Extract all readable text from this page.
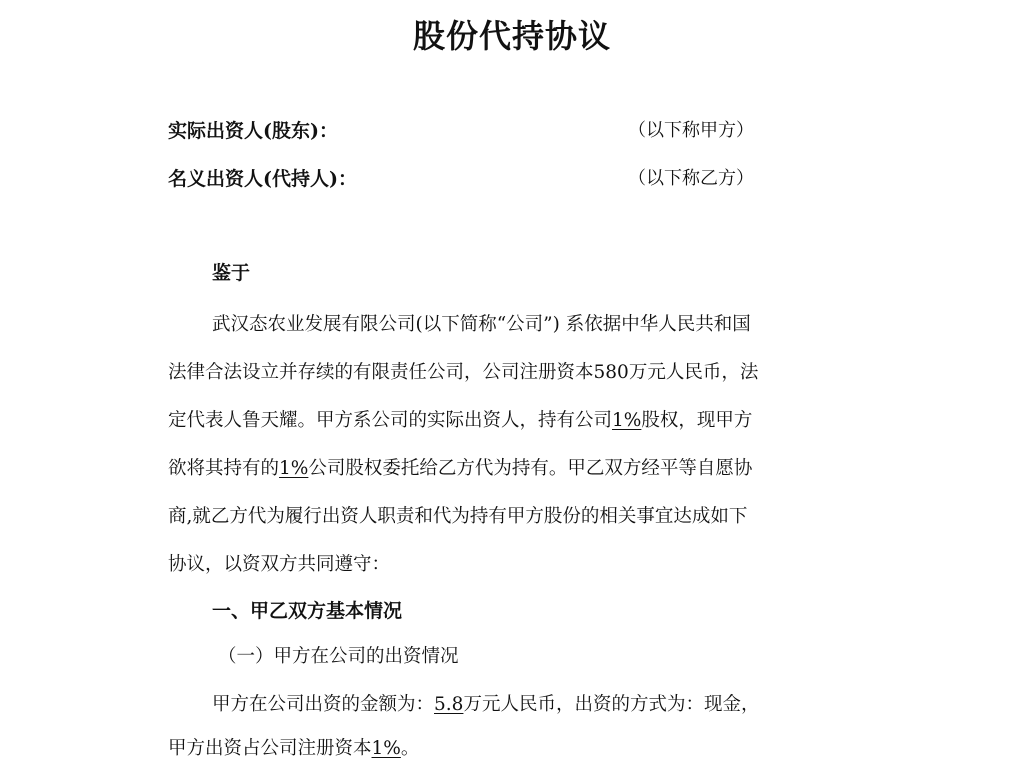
股份代持协议
实际出资人(股东)：	（以下称甲方）
名义出资人(代持人)：	（以下称乙方）
鉴于
武汉态农业发展有限公司(以下简称“公司”) 系依据中华人民共和国
法律合法设立并存续的有限责任公司，公司注册资本580万元人民币，法
定代表人鲁天耀。甲方系公司的实际出资人，持有公司1%股权，现甲方
欲将其持有的1%公司股权委托给乙方代为持有。甲乙双方经平等自愿协
商,就乙方代为履行出资人职责和代为持有甲方股份的相关事宜达成如下
协议，以资双方共同遵守：
一、甲乙双方基本情况
（一）甲方在公司的出资情况
甲方在公司出资的金额为：5.8万元人民币，出资的方式为：现金，
甲方出资占公司注册资本1%。
